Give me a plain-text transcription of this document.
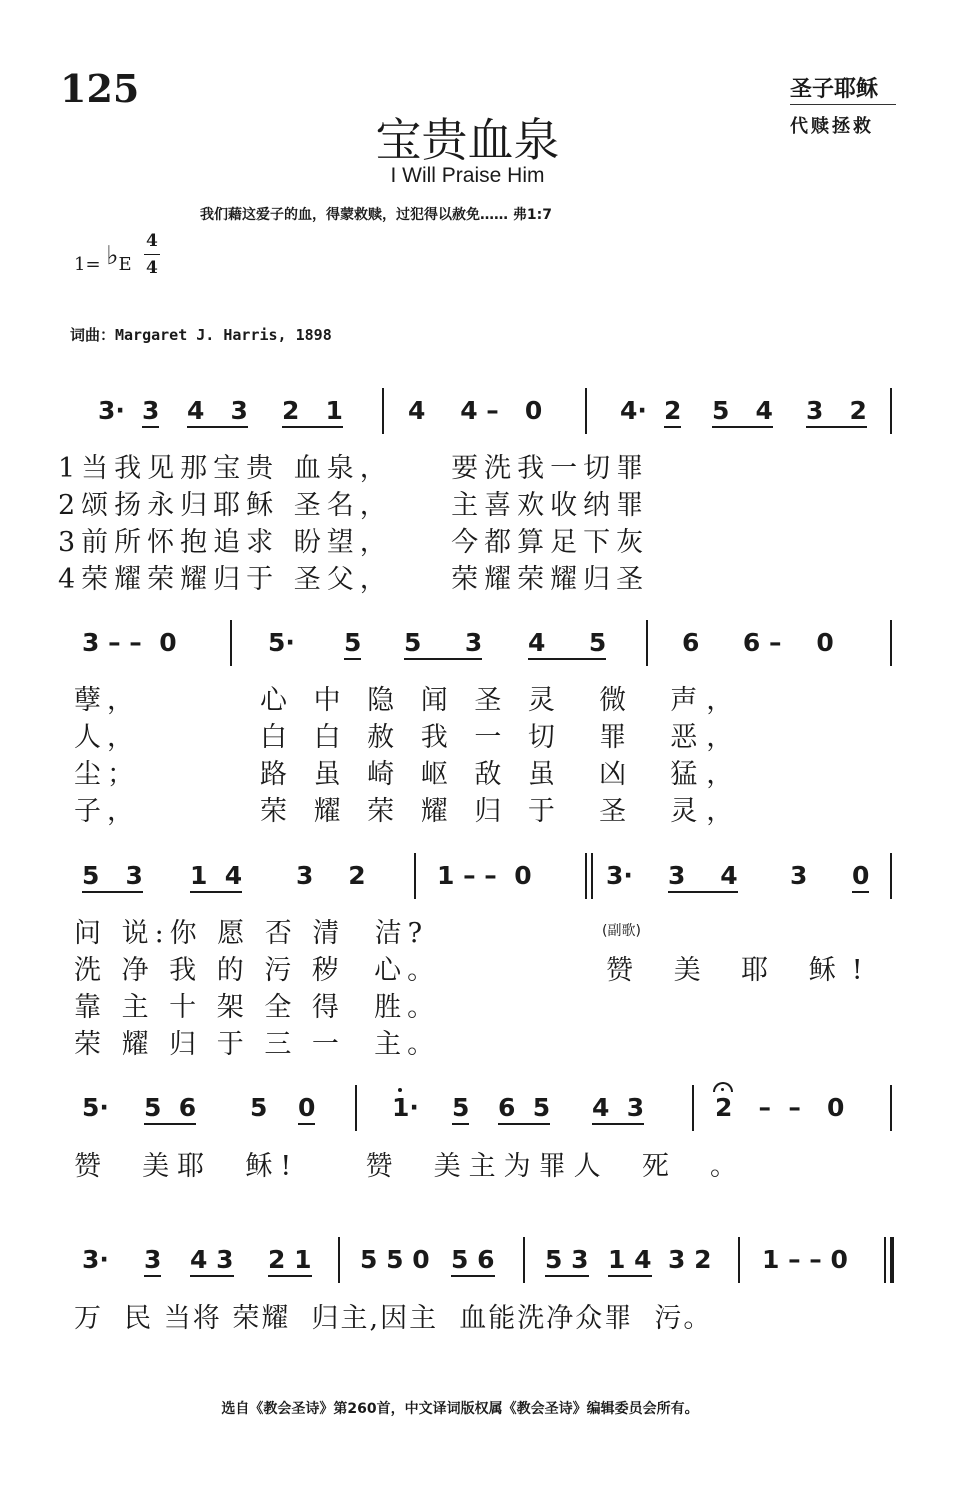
125	圣子耶稣
代赎拯救
宝贵血泉
I Will Praise Him
我们藉这爱子的血，得蒙救赎，过犯得以赦免…… 弗1:7
1= ♭E
4
4
词曲：Margaret J. Harris, 1898
3· 3 4   3 2   1	4    4 –   0	4· 2 5   4 3   2
1当我见那宝贵 血泉，    要洗我一切罪
2颂扬永归耶稣 圣名，    主喜欢收纳罪
3前所怀抱追求 盼望，    今都算足下灰
4荣耀荣耀归于 圣父，    荣耀荣耀归圣
3 – –  0	5· 5 5     3 4     5	6     6 –    0
孽，
人，
尘；
子，
心 中 隐 闻 圣 灵  微  声，
白 白 赦 我 一 切  罪  恶，
路 虽 崎 岖 敌 虽  凶  猛，
荣 耀 荣 耀 归 于  圣  灵，
5   3 1  4 3    2	1 – –  0	3· 3    4 3 0
问 说:你 愿 否 清  洁?
洗 净 我 的 污 秽  心。
靠 主 十 架 全 得  胜。
荣 耀 归 于 三 一  主。
(副歌)
赞 美 耶 稣!
5· 5  6 5 0	1· 5 6  5 4  3	2   –  –   0
赞  美耶  稣!    赞  美主为罪人  死  。
3· 3 4 3 2 1 5 5 0 5 6 5 3 1 4 3 2 1 – – 0
万  民 当将 荣耀  归主,因主  血能洗净众罪  污。
选自《教会圣诗》第260首，中文译词版权属《教会圣诗》编辑委员会所有。
